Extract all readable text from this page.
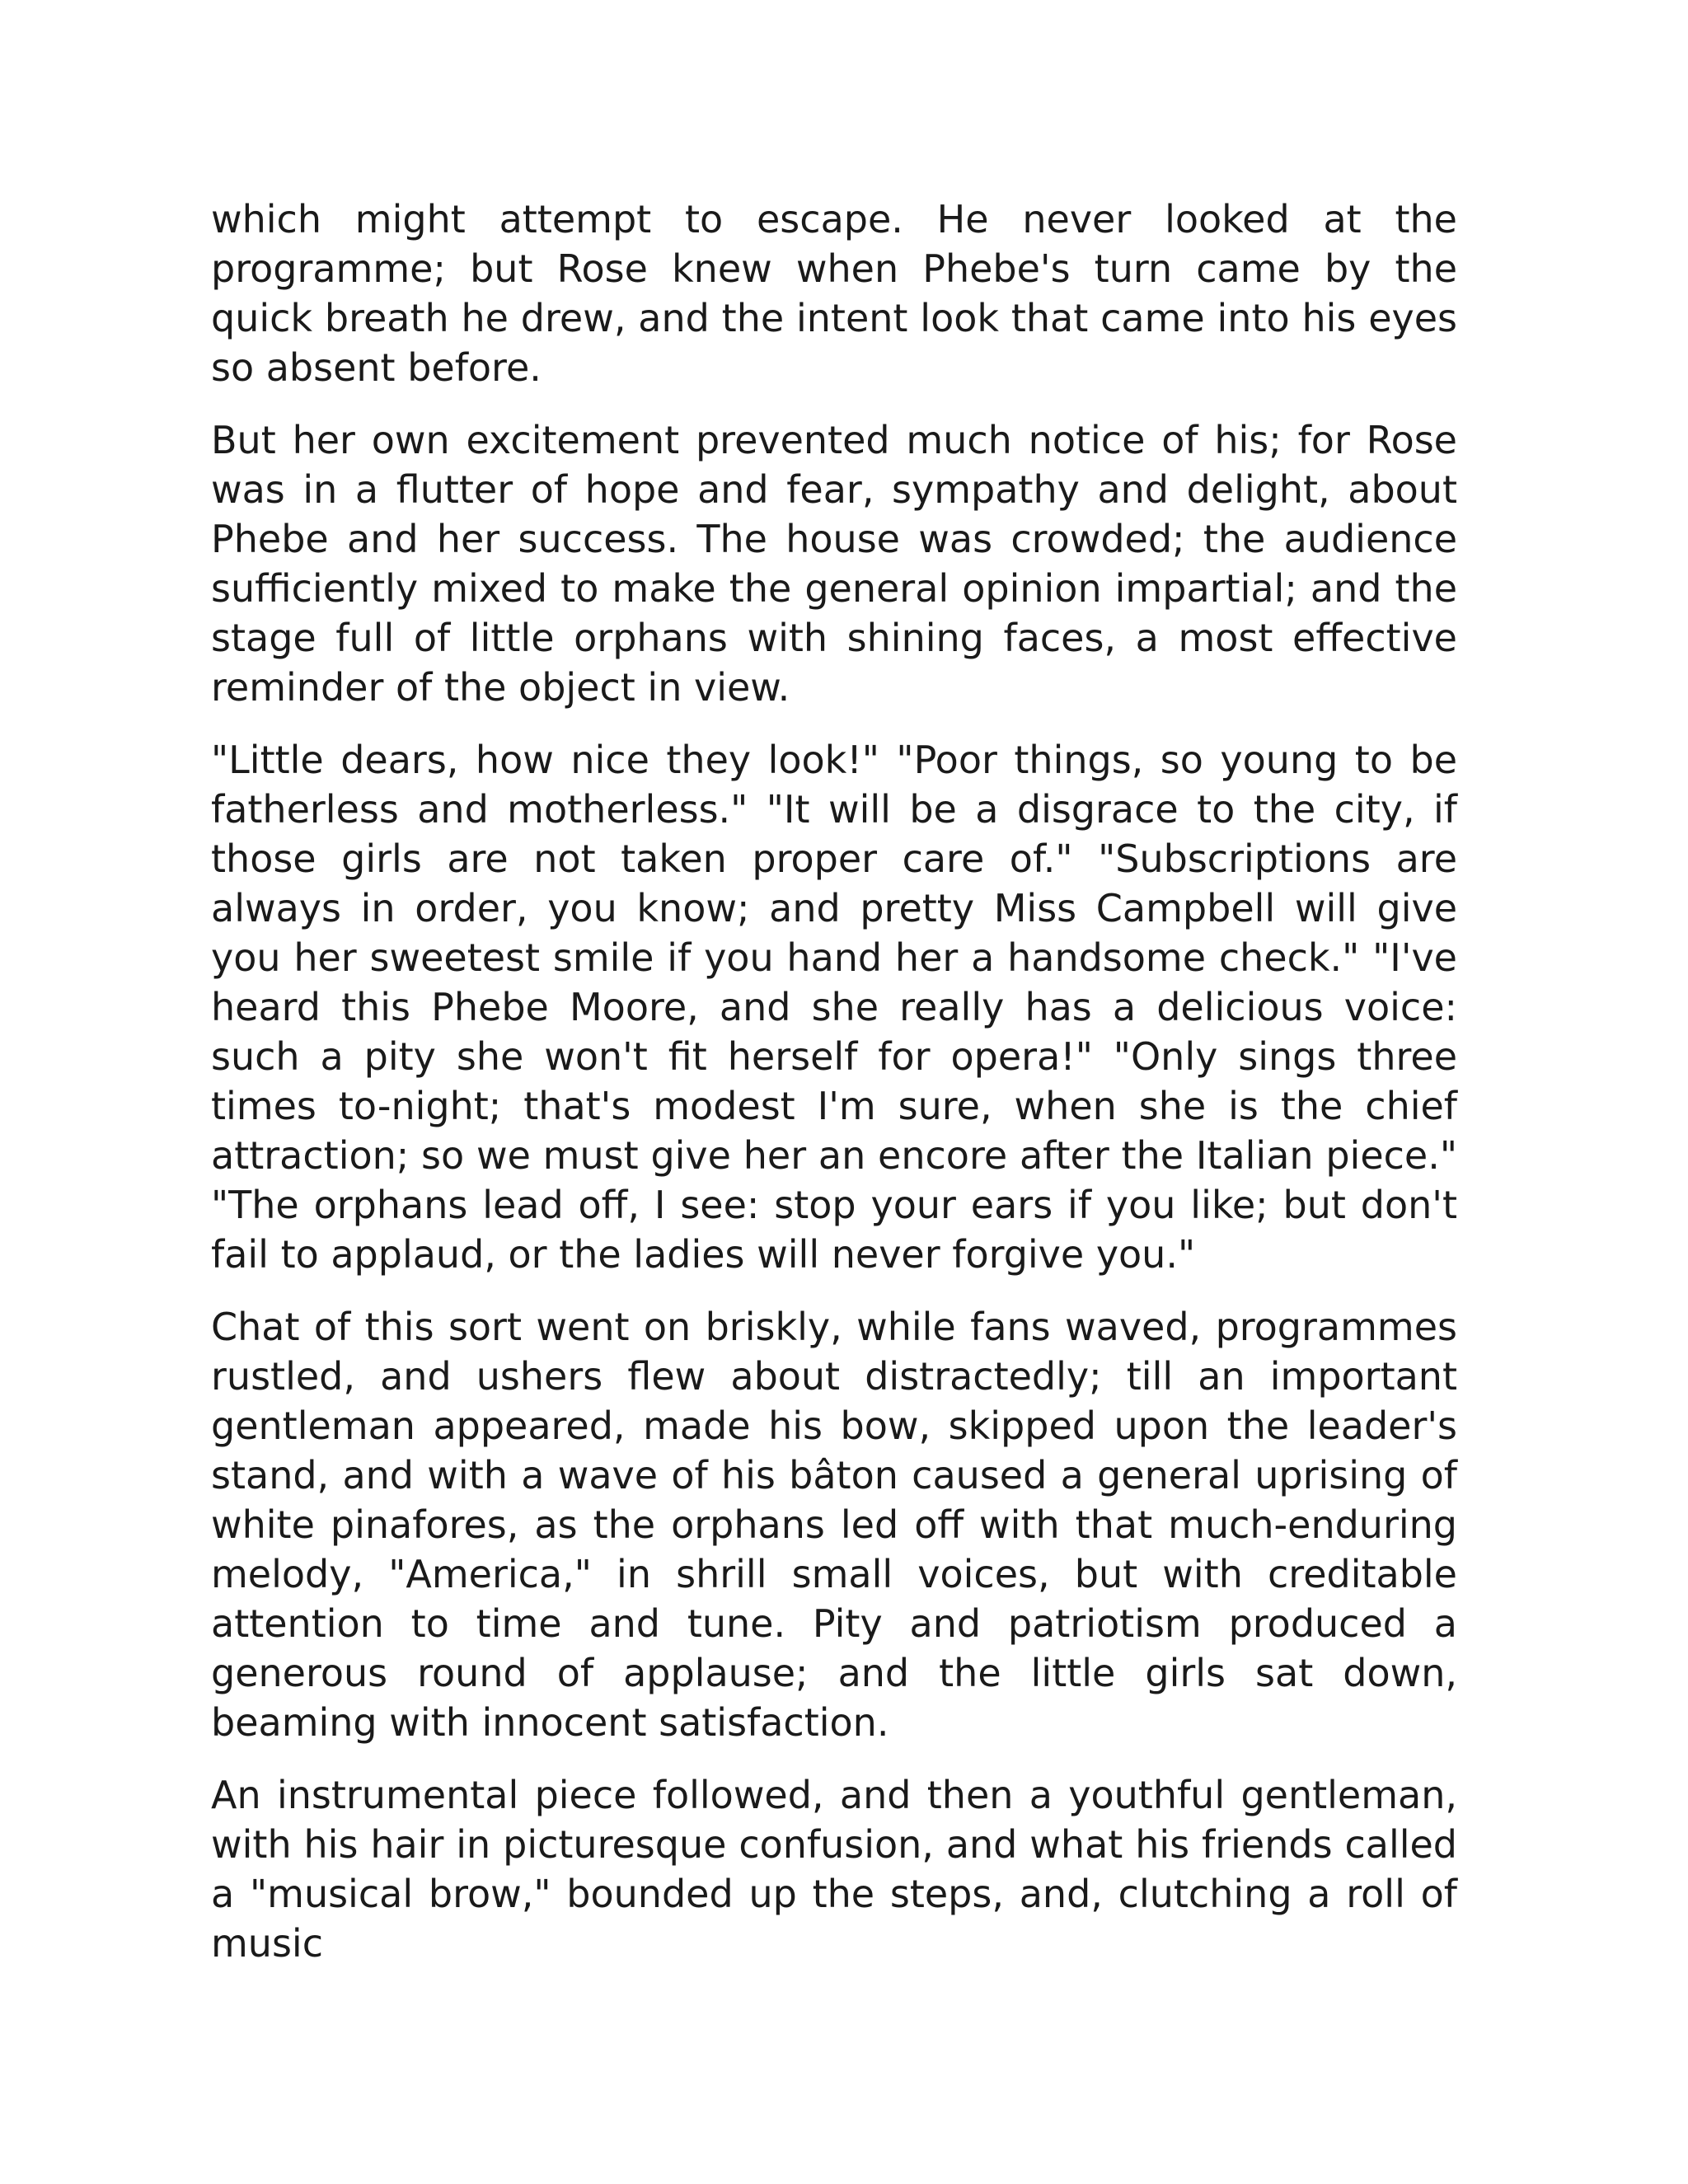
which might attempt to escape. He never looked at the programme; but Rose knew when Phebe's turn came by the quick breath he drew, and the intent look that came into his eyes so absent before.

But her own excitement prevented much notice of his; for Rose was in a flutter of hope and fear, sympathy and delight, about Phebe and her success. The house was crowded; the audience sufficiently mixed to make the general opinion impartial; and the stage full of little orphans with shining faces, a most effective reminder of the object in view.

"Little dears, how nice they look!" "Poor things, so young to be fatherless and motherless." "It will be a disgrace to the city, if those girls are not taken proper care of." "Subscriptions are always in order, you know; and pretty Miss Campbell will give you her sweetest smile if you hand her a handsome check." "I've heard this Phebe Moore, and she really has a delicious voice: such a pity she won't fit herself for opera!" "Only sings three times to-night; that's modest I'm sure, when she is the chief attraction; so we must give her an encore after the Italian piece." "The orphans lead off, I see: stop your ears if you like; but don't fail to applaud, or the ladies will never forgive you."

Chat of this sort went on briskly, while fans waved, programmes rustled, and ushers flew about distractedly; till an important gentleman appeared, made his bow, skipped upon the leader's stand, and with a wave of his bâton caused a general uprising of white pinafores, as the orphans led off with that much-enduring melody, "America," in shrill small voices, but with creditable attention to time and tune. Pity and patriotism produced a generous round of applause; and the little girls sat down, beaming with innocent satisfaction.

An instrumental piece followed, and then a youthful gentleman, with his hair in picturesque confusion, and what his friends called a "musical brow," bounded up the steps, and, clutching a roll of music
